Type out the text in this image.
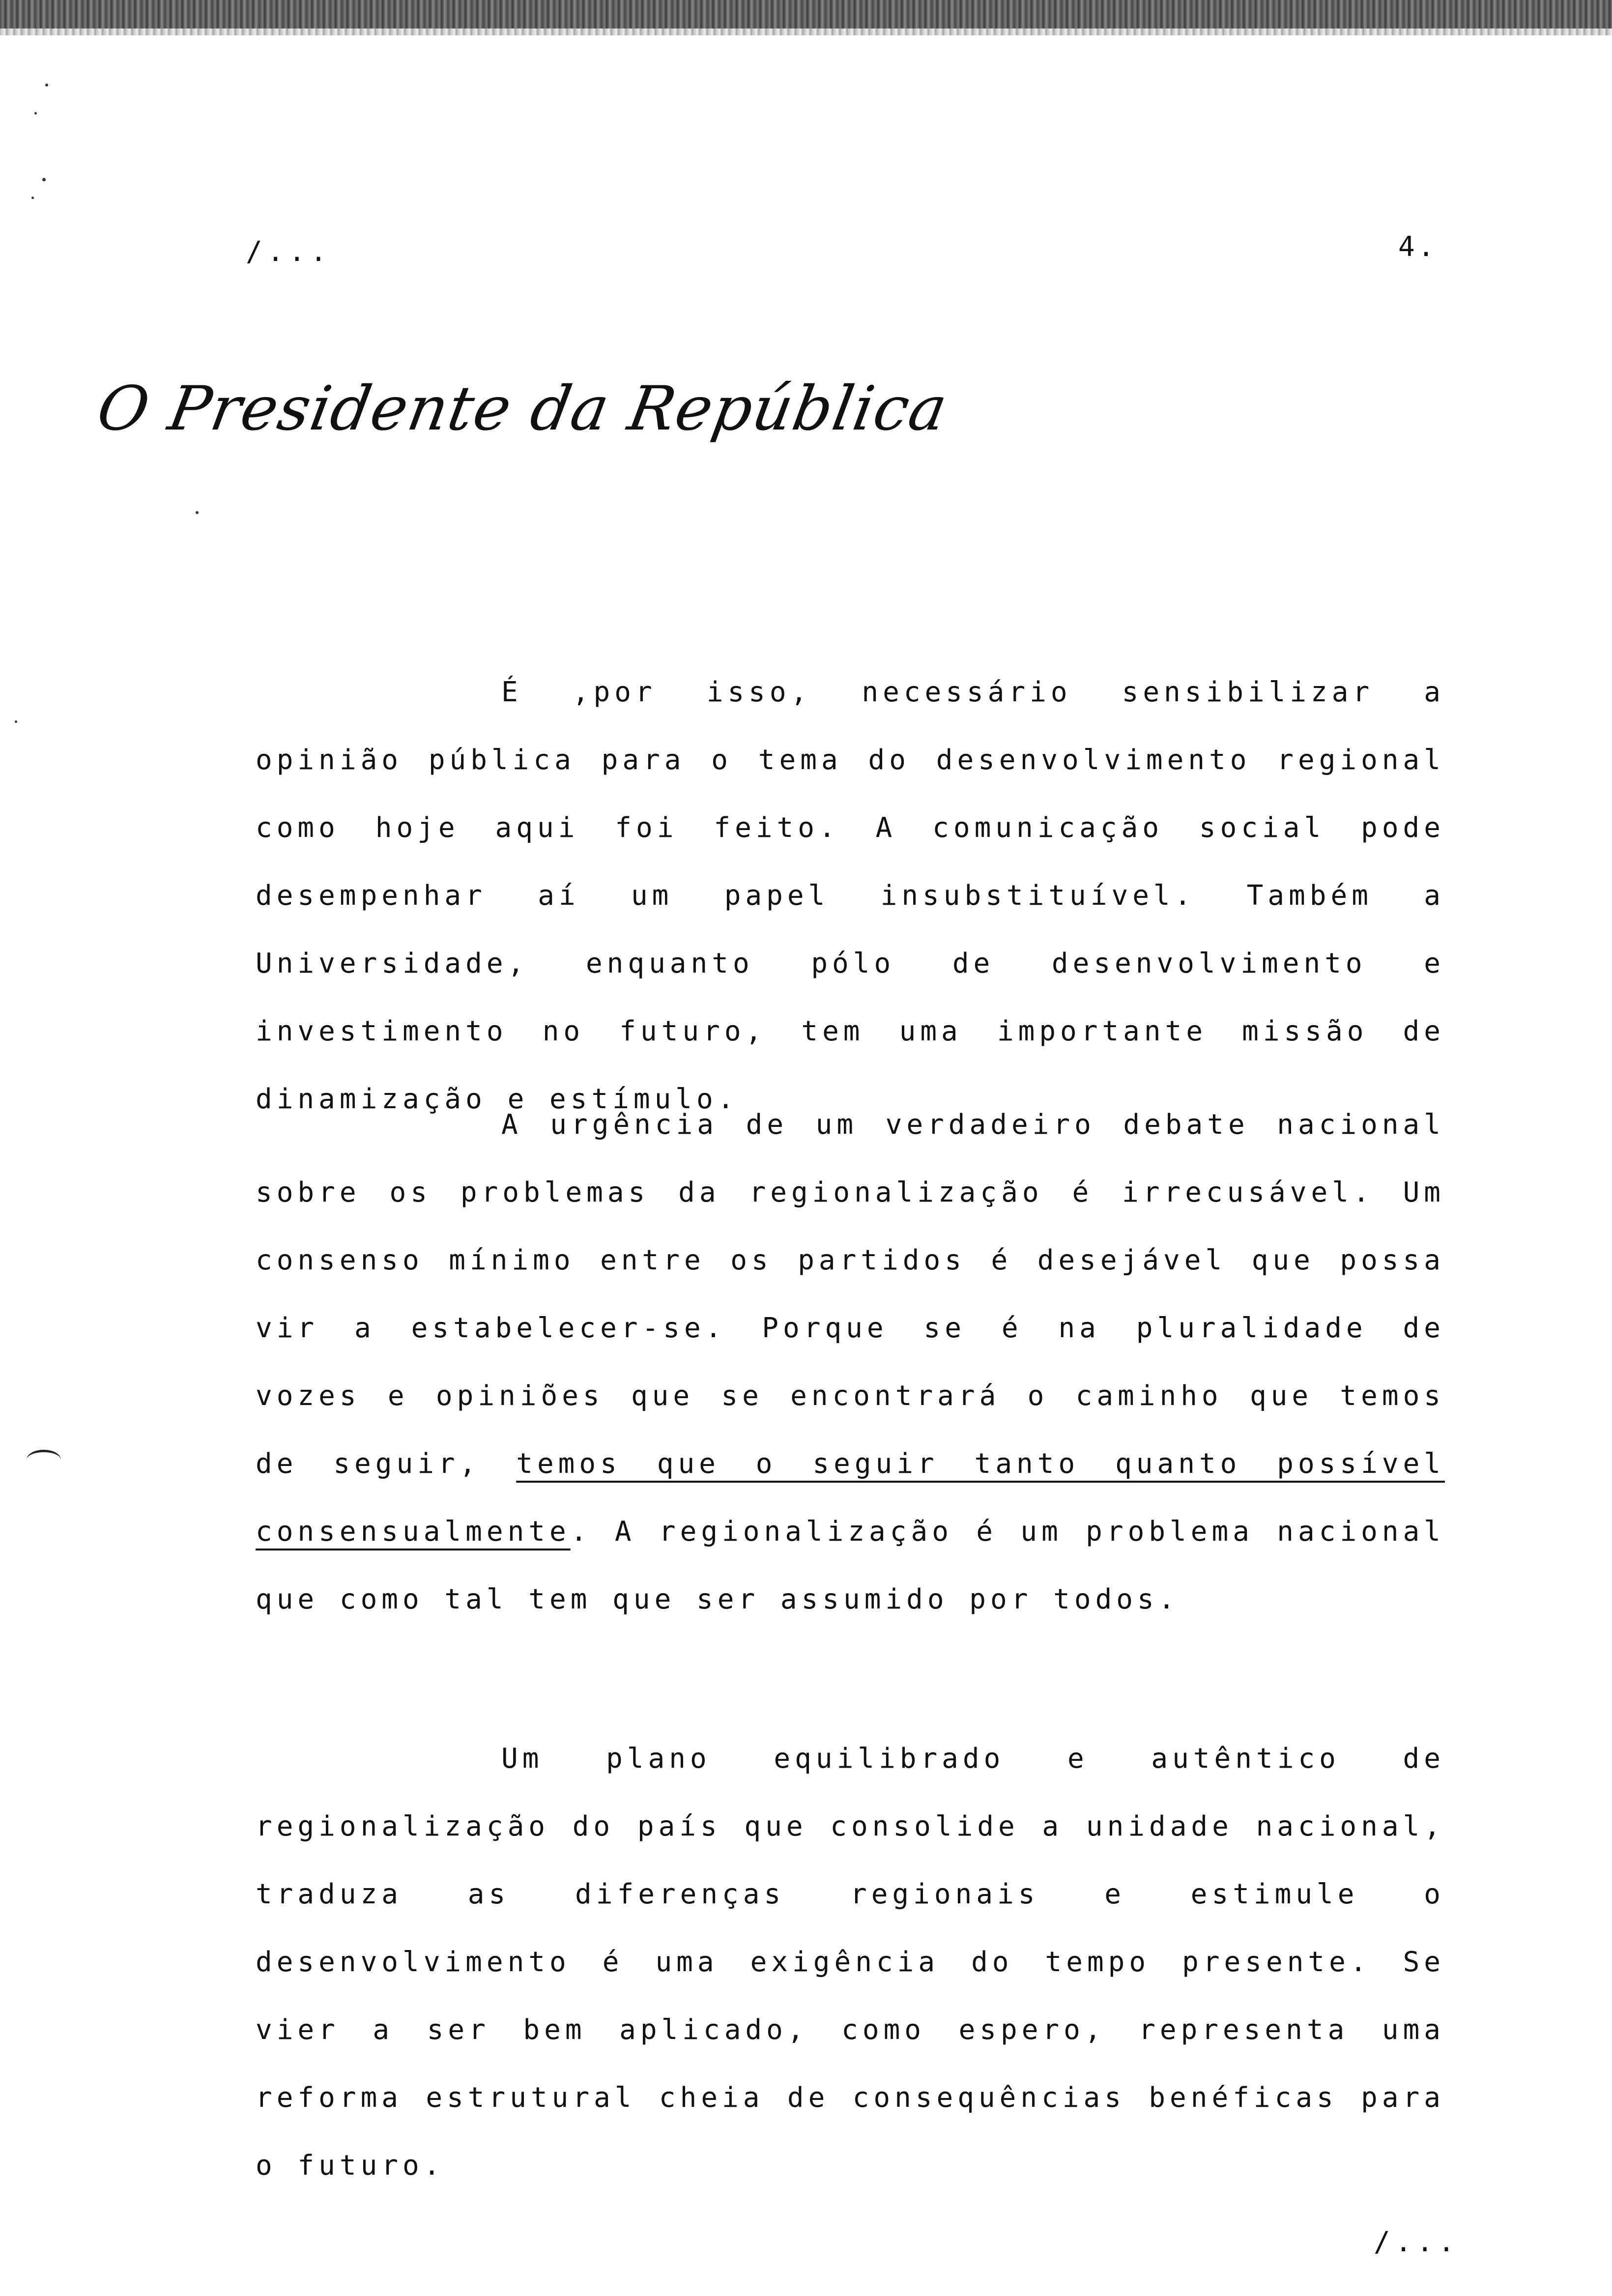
/...	4.
O Presidente da República
É ,por isso, necessário sensibilizar a opinião pública para o tema do desenvolvimento regional como hoje aqui foi feito. A comunicação social pode desempenhar aí um papel insubstituível. Também a Universidade, enquanto pólo de desenvolvimento e investimento no futuro, tem uma importante missão de dinamização e estímulo.
A urgência de um verdadeiro debate nacional sobre os problemas da regionalização é irrecusável. Um consenso mínimo entre os partidos é desejável que possa vir a estabelecer-se. Porque se é na pluralidade de vozes e opiniões que se encontrará o caminho que temos de seguir, temos que o seguir tanto quanto possível consensualmente. A regionalização é um problema nacional que como tal tem que ser assumido por todos.
Um plano equilibrado e autêntico de regionalização do país que consolide a unidade nacional, traduza as diferenças regionais e estimule o desenvolvimento é uma exigência do tempo presente. Se vier a ser bem aplicado, como espero, representa uma reforma estrutural cheia de consequências benéficas para o futuro.
/...
